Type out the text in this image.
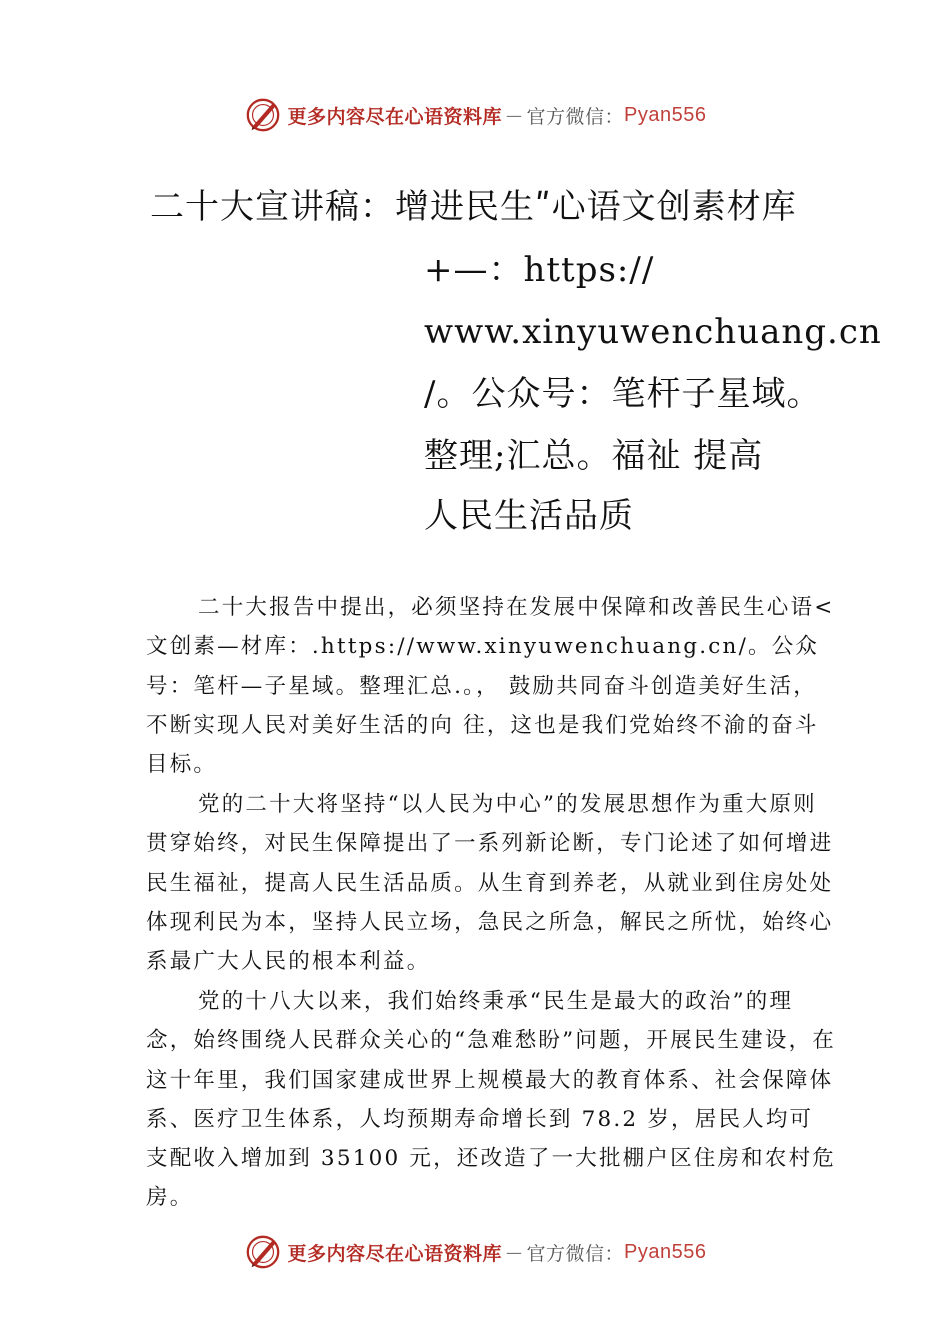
更多内容尽在心语资料库 — 官方微信： Pyan556
二十大宣讲稿：增进民生ʺ心语文创素材库
+—：https://
www.xinyuwenchuang.cn
/。公众号：笔杆子星域。
整理;汇总。福祉 提高
人民生活品质

二十大报告中提出，必须坚持在发展中保障和改善民生心语<文创素—材库：.https://www.xinyuwenchuang.cn/。公众号：笔杆—子星域。整理汇总.。， 鼓励共同奋斗创造美好生活，不断实现人民对美好生活的向 往，这也是我们党始终不渝的奋斗目标。

党的二十大将坚持“以人民为中心”的发展思想作为重大原则贯穿始终，对民生保障提出了一系列新论断，专门论述了如何增进民生福祉，提高人民生活品质。从生育到养老，从就业到住房处处体现利民为本，坚持人民立场，急民之所急，解民之所忧，始终心系最广大人民的根本利益。

党的十八大以来，我们始终秉承“民生是最大的政治”的理念，始终围绕人民群众关心的“急难愁盼”问题，开展民生建设，在这十年里，我们国家建成世界上规模最大的教育体系、社会保障体系、医疗卫生体系，人均预期寿命增长到 78.2 岁，居民人均可支配收入增加到 35100 元，还改造了一大批棚户区住房和农村危房。

更多内容尽在心语资料库 — 官方微信： Pyan556
